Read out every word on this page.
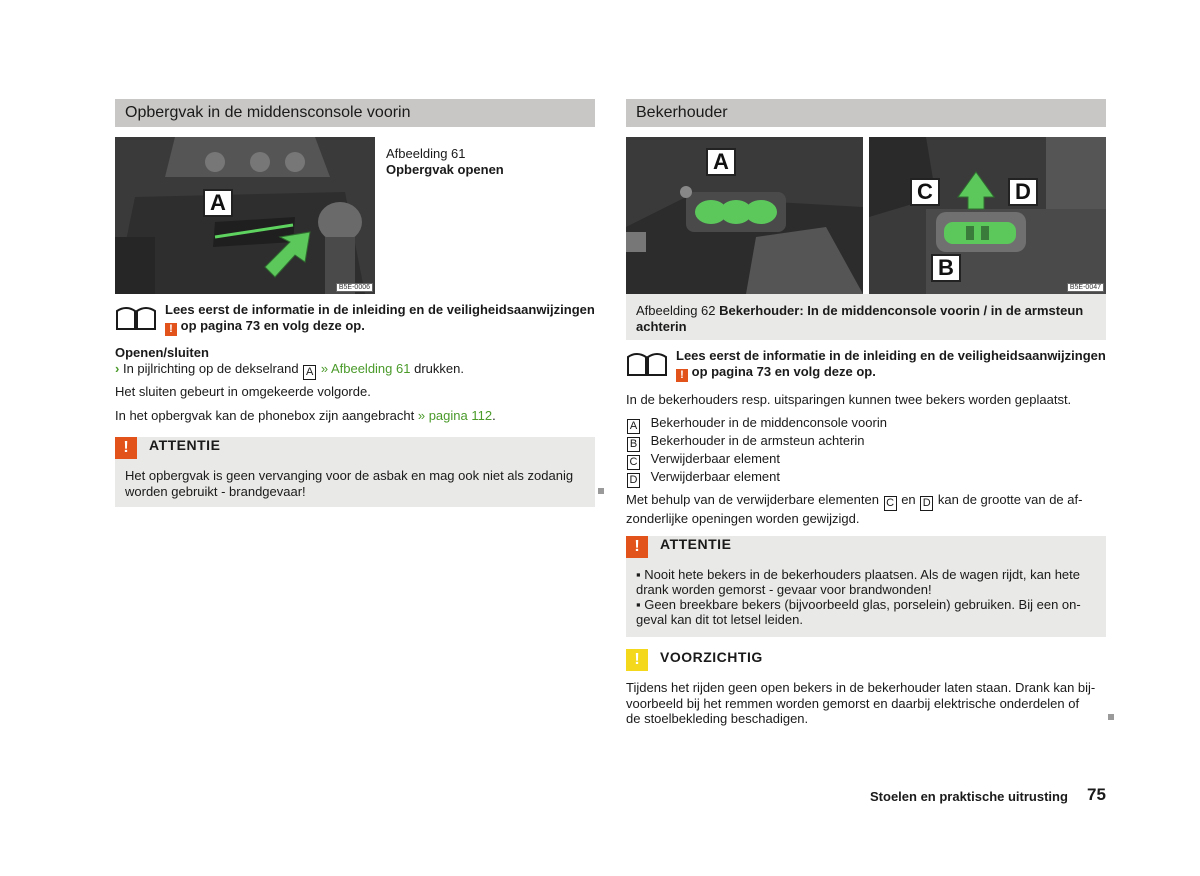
Opbergvak in de middensconsole voorin
A
B5E-0006
Afbeelding 61
Opbergvak openen
Lees eerst de informatie in de inleiding en de veiligheidsaanwijzingen
! op pagina 73 en volg deze op.
Openen/sluiten
› In pijlrichting op de dekselrand A » Afbeelding 61 drukken.
Het sluiten gebeurt in omgekeerde volgorde.
In het opbergvak kan de phonebox zijn aangebracht » pagina 112.
!	ATTENTIE
Het opbergvak is geen vervanging voor de asbak en mag ook niet als zodanig
worden gebruikt - brandgevaar!
Bekerhouder
A
B
C	D
B5E-0047
Afbeelding 62 Bekerhouder: In de middenconsole voorin / in de armsteun
achterin
Lees eerst de informatie in de inleiding en de veiligheidsaanwijzingen
! op pagina 73 en volg deze op.
In de bekerhouders resp. uitsparingen kunnen twee bekers worden geplaatst.
A Bekerhouder in de middenconsole voorin
B Bekerhouder in de armsteun achterin
C Verwijderbaar element
D Verwijderbaar element
Met behulp van de verwijderbare elementen C en D kan de grootte van de af-
zonderlijke openingen worden gewijzigd.
!	ATTENTIE
▪ Nooit hete bekers in de bekerhouders plaatsen. Als de wagen rijdt, kan hete
drank worden gemorst - gevaar voor brandwonden!
▪ Geen breekbare bekers (bijvoorbeeld glas, porselein) gebruiken. Bij een on-
geval kan dit tot letsel leiden.
!	VOORZICHTIG
Tijdens het rijden geen open bekers in de bekerhouder laten staan. Drank kan bij-
voorbeeld bij het remmen worden gemorst en daarbij elektrische onderdelen of
de stoelbekleding beschadigen.
Stoelen en praktische uitrusting 75
